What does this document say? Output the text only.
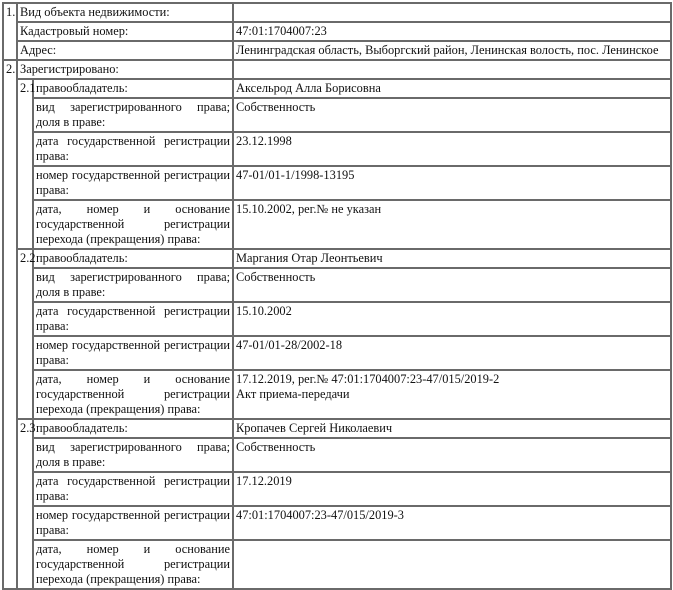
1.	Вид объекта недвижимости:		
	Кадастровый номер:		47:01:1704007:23
	Адрес:		Ленинградская область, Выборгский район, Ленинская волость, пос. Ленинское
2.	Зарегистрировано:		
	2.1	правообладатель:	Аксельрод Алла Борисовна
		вид зарегистрированного права; доля в праве:	Собственность
		дата государственной регистрации права:	23.12.1998
		номер государственной регистрации права:	47-01/01-1/1998-13195
		дата, номер и основание государственной регистрации перехода (прекращения) права:	15.10.2002, рег.№ не указан

	2.2	правообладатель:	Маргания Отар Леонтьевич
		вид зарегистрированного права; доля в праве:	Собственность
		дата государственной регистрации права:	15.10.2002
		номер государственной регистрации права:	47-01/01-28/2002-18
		дата, номер и основание государственной регистрации перехода (прекращения) права:	17.12.2019, рег.№ 47:01:1704007:23-47/015/2019-2
Акт приема-передачи

	2.3	правообладатель:	Кропачев Сергей Николаевич
		вид зарегистрированного права; доля в праве:	Собственность
		дата государственной регистрации права:	17.12.2019
		номер государственной регистрации права:	47:01:1704007:23-47/015/2019-3
		дата, номер и основание государственной регистрации перехода (прекращения) права:	
